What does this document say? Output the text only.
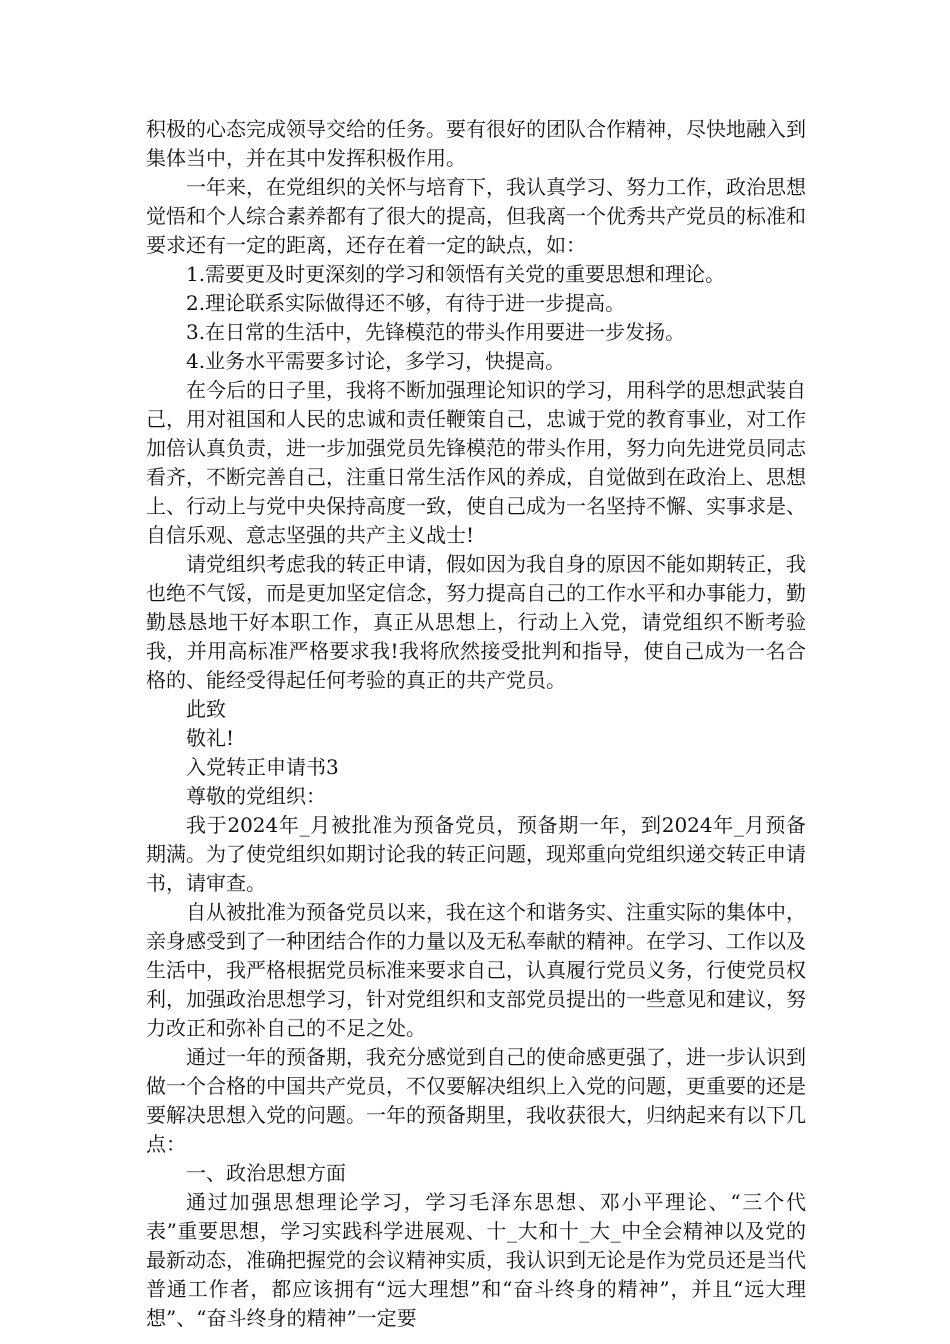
积极的心态完成领导交给的任务。要有很好的团队合作精神，尽快地融入到集体当中，并在其中发挥积极作用。

一年来，在党组织的关怀与培育下，我认真学习、努力工作，政治思想觉悟和个人综合素养都有了很大的提高，但我离一个优秀共产党员的标准和要求还有一定的距离，还存在着一定的缺点，如：

1.需要更及时更深刻的学习和领悟有关党的重要思想和理论。

2.理论联系实际做得还不够，有待于进一步提高。

3.在日常的生活中，先锋模范的带头作用要进一步发扬。

4.业务水平需要多讨论，多学习，快提高。

在今后的日子里，我将不断加强理论知识的学习，用科学的思想武装自己，用对祖国和人民的忠诚和责任鞭策自己，忠诚于党的教育事业，对工作加倍认真负责，进一步加强党员先锋模范的带头作用，努力向先进党员同志看齐，不断完善自己，注重日常生活作风的养成，自觉做到在政治上、思想上、行动上与党中央保持高度一致，使自己成为一名坚持不懈、实事求是、自信乐观、意志坚强的共产主义战士!

请党组织考虑我的转正申请，假如因为我自身的原因不能如期转正，我也绝不气馁，而是更加坚定信念，努力提高自己的工作水平和办事能力，勤勤恳恳地干好本职工作，真正从思想上，行动上入党，请党组织不断考验我，并用高标准严格要求我!我将欣然接受批判和指导，使自己成为一名合格的、能经受得起任何考验的真正的共产党员。

此致

敬礼!

入党转正申请书3

尊敬的党组织：

我于2024年_月被批准为预备党员，预备期一年，到2024年_月预备期满。为了使党组织如期讨论我的转正问题，现郑重向党组织递交转正申请书，请审查。

自从被批准为预备党员以来，我在这个和谐务实、注重实际的集体中，亲身感受到了一种团结合作的力量以及无私奉献的精神。在学习、工作以及生活中，我严格根据党员标准来要求自己，认真履行党员义务，行使党员权利，加强政治思想学习，针对党组织和支部党员提出的一些意见和建议，努力改正和弥补自己的不足之处。

通过一年的预备期，我充分感觉到自己的使命感更强了，进一步认识到做一个合格的中国共产党员，不仅要解决组织上入党的问题，更重要的还是要解决思想入党的问题。一年的预备期里，我收获很大，归纳起来有以下几点：

一、政治思想方面

通过加强思想理论学习，学习毛泽东思想、邓小平理论、“三个代表”重要思想，学习实践科学进展观、十_大和十_大_中全会精神以及党的最新动态，准确把握党的会议精神实质，我认识到无论是作为党员还是当代普通工作者，都应该拥有“远大理想”和“奋斗终身的精神”，并且“远大理想”、“奋斗终身的精神”一定要
